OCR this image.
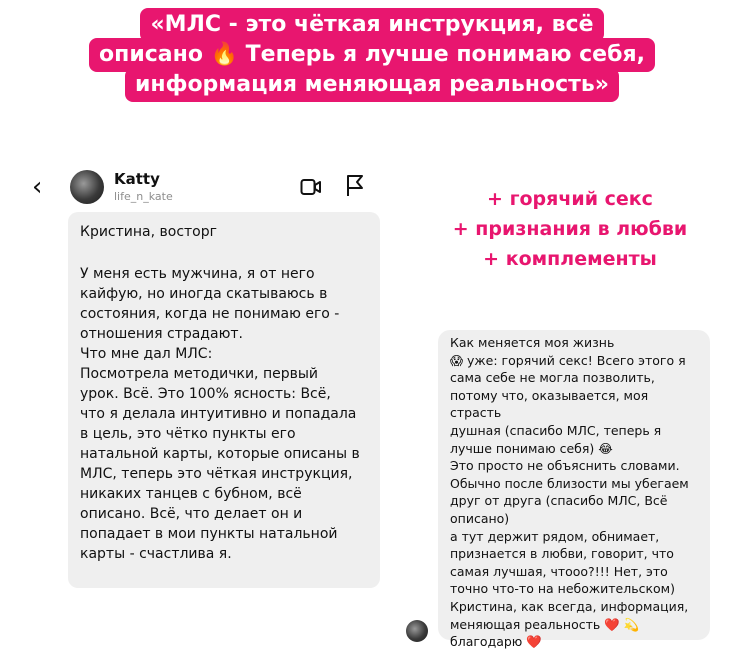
«МЛС - это чёткая инструкция, всё
описано 🔥 Теперь я лучше понимаю себя,
информация меняющая реальность»
‹	Katty
life_n_kate

Кристина, восторг

У меня есть мужчина, я от него

кайфую, но иногда скатываюсь в

состояния, когда не понимаю его -

отношения страдают.

Что мне дал МЛС:

Посмотрела методички, первый

урок. Всё. Это 100% ясность: Всё,

что я делала интуитивно и попадала

в цель, это чётко пункты его

натальной карты, которые описаны в

МЛС, теперь это чёткая инструкция,

никаких танцев с бубном, всё

описано. Всё, что делает он и

попадает в мои пункты натальной

карты - счастлива я.

+ горячий секс
+ признания в любви
+ комплементы

Как меняется моя жизнь

😱 уже: горячий секс! Всего этого я

сама себе не могла позволить,

потому что, оказывается, моя страсть

душная (спасибо МЛС, теперь я

лучше понимаю себя) 😂

Это просто не объяснить словами.

Обычно после близости мы убегаем

друг от друга (спасибо МЛС, Всё

описано)

а тут держит рядом, обнимает,

признается в любви, говорит, что

самая лучшая, чтооо?!!! Нет, это

точно что-то на небожительском)

Кристина, как всегда, информация,

меняющая реальность ❤️ 💫

благодарю ❤️
